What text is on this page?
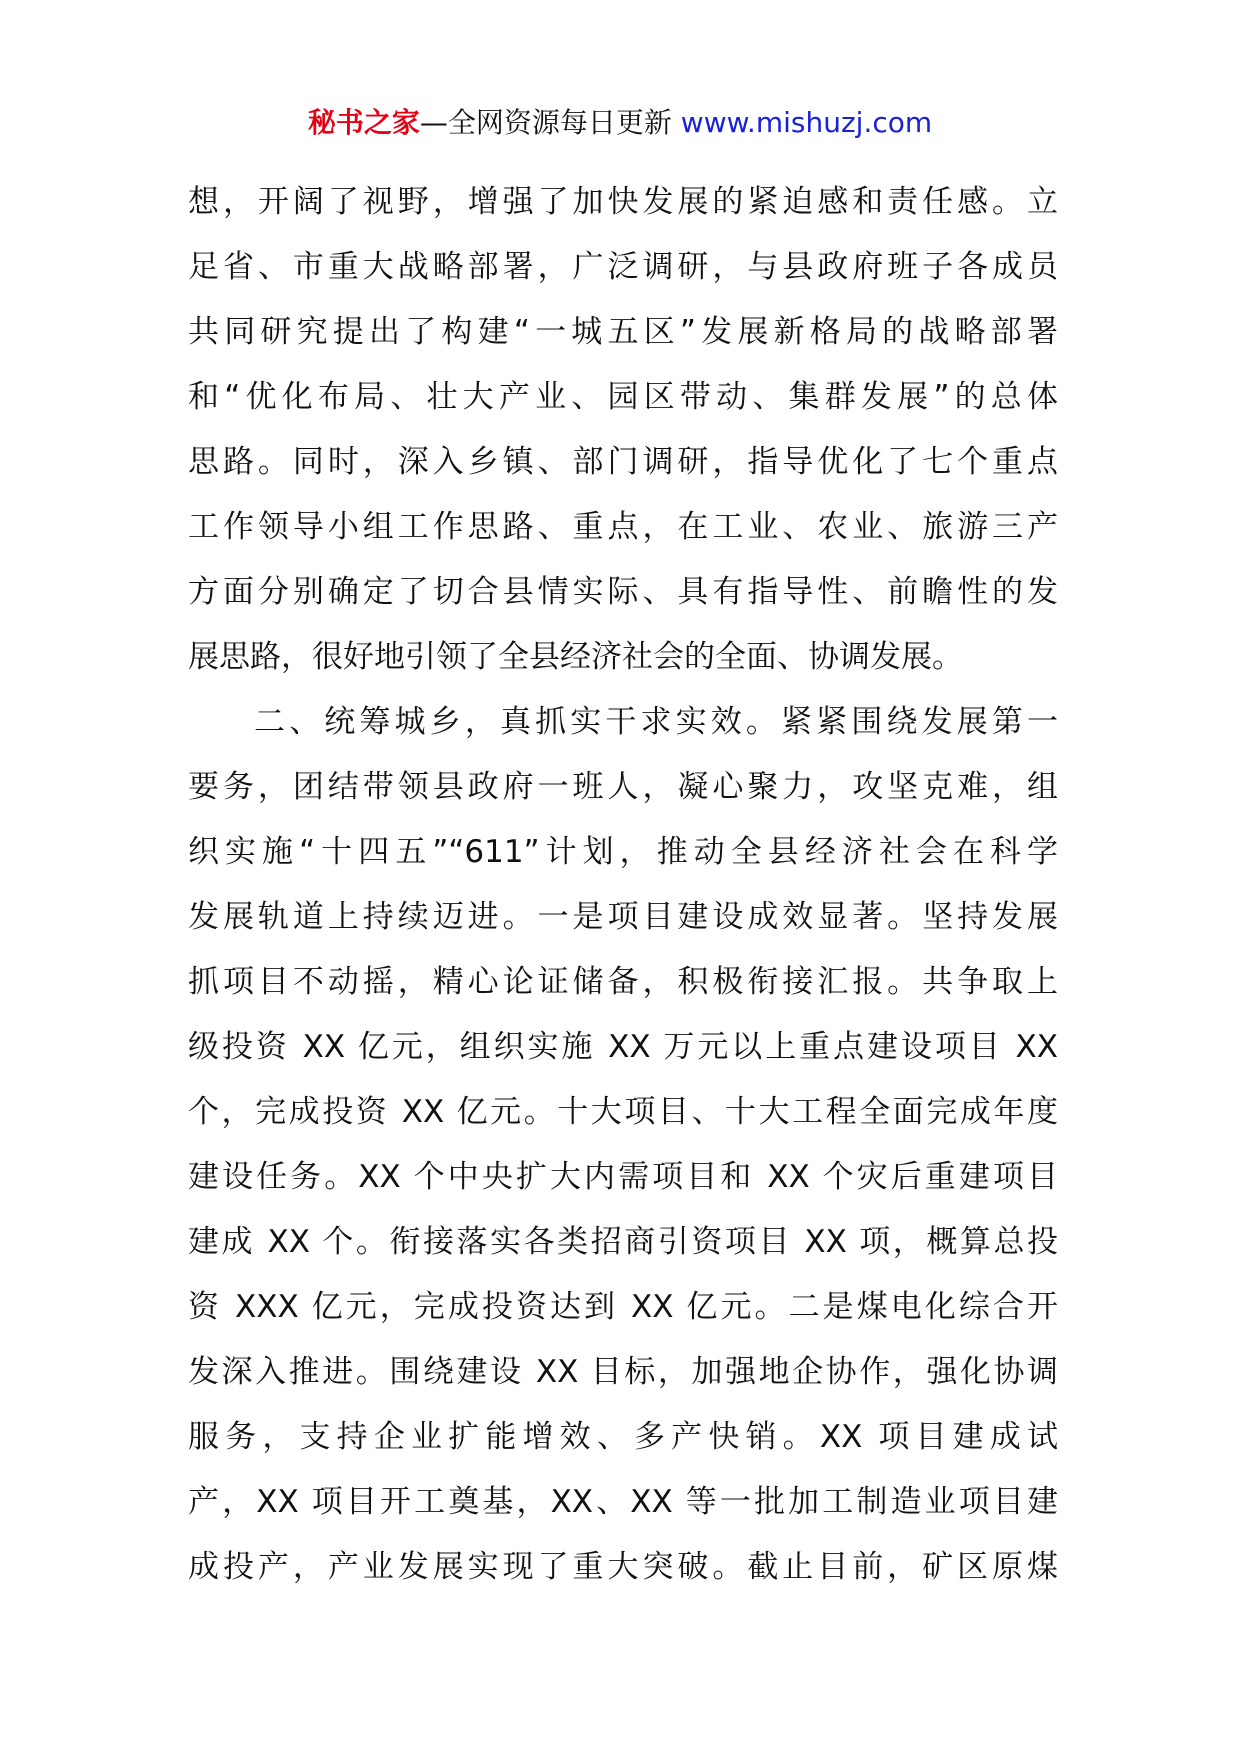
秘书之家—全网资源每日更新 www.mishuzj.com
想，开阔了视野，增强了加快发展的紧迫感和责任感。立
足省、市重大战略部署，广泛调研，与县政府班子各成员
共同研究提出了构建“一城五区”发展新格局的战略部署
和“优化布局、壮大产业、园区带动、集群发展”的总体
思路。同时，深入乡镇、部门调研，指导优化了七个重点
工作领导小组工作思路、重点，在工业、农业、旅游三产
方面分别确定了切合县情实际、具有指导性、前瞻性的发
展思路，很好地引领了全县经济社会的全面、协调发展。
二、统筹城乡，真抓实干求实效。紧紧围绕发展第一
要务，团结带领县政府一班人，凝心聚力，攻坚克难，组
织实施“十四五”“611”计划，推动全县经济社会在科学
发展轨道上持续迈进。一是项目建设成效显著。坚持发展
抓项目不动摇，精心论证储备，积极衔接汇报。共争取上
级投资 XX 亿元，组织实施 XX 万元以上重点建设项目 XX
个，完成投资 XX 亿元。十大项目、十大工程全面完成年度
建设任务。XX 个中央扩大内需项目和 XX 个灾后重建项目
建成 XX 个。衔接落实各类招商引资项目 XX 项，概算总投
资 XXX 亿元，完成投资达到 XX 亿元。二是煤电化综合开
发深入推进。围绕建设 XX 目标，加强地企协作，强化协调
服务，支持企业扩能增效、多产快销。XX 项目建成试
产，XX 项目开工奠基，XX、XX 等一批加工制造业项目建
成投产，产业发展实现了重大突破。截止目前，矿区原煤
